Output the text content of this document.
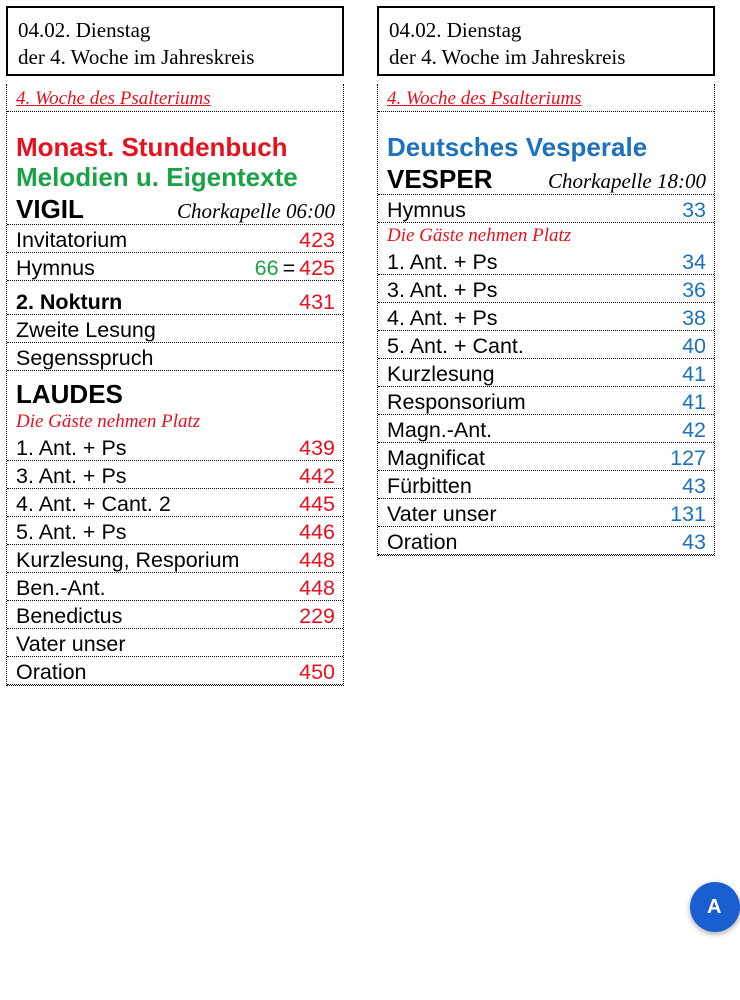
04.02. Dienstag
der 4. Woche im Jahreskreis
4. Woche des Psalteriums
Monast. Stundenbuch
Melodien u. Eigentexte
VIGIL	Chorkapelle 06:00
Invitatorium	423
Hymnus	66 = 425
2. Nokturn	431
Zweite Lesung
Segensspruch
LAUDES
Die Gäste nehmen Platz
1. Ant. + Ps	439
3. Ant. + Ps	442
4. Ant. + Cant. 2	445
5. Ant. + Ps	446
Kurzlesung, Resporium	448
Ben.-Ant.	448
Benedictus	229
Vater unser
Oration	450
04.02. Dienstag
der 4. Woche im Jahreskreis
4. Woche des Psalteriums
Deutsches Vesperale
VESPER	Chorkapelle 18:00
Hymnus	33
Die Gäste nehmen Platz
1. Ant. + Ps	34
3. Ant. + Ps	36
4. Ant. + Ps	38
5. Ant. + Cant.	40
Kurzlesung	41
Responsorium	41
Magn.-Ant.	42
Magnificat	127
Fürbitten	43
Vater unser	131
Oration	43
A
